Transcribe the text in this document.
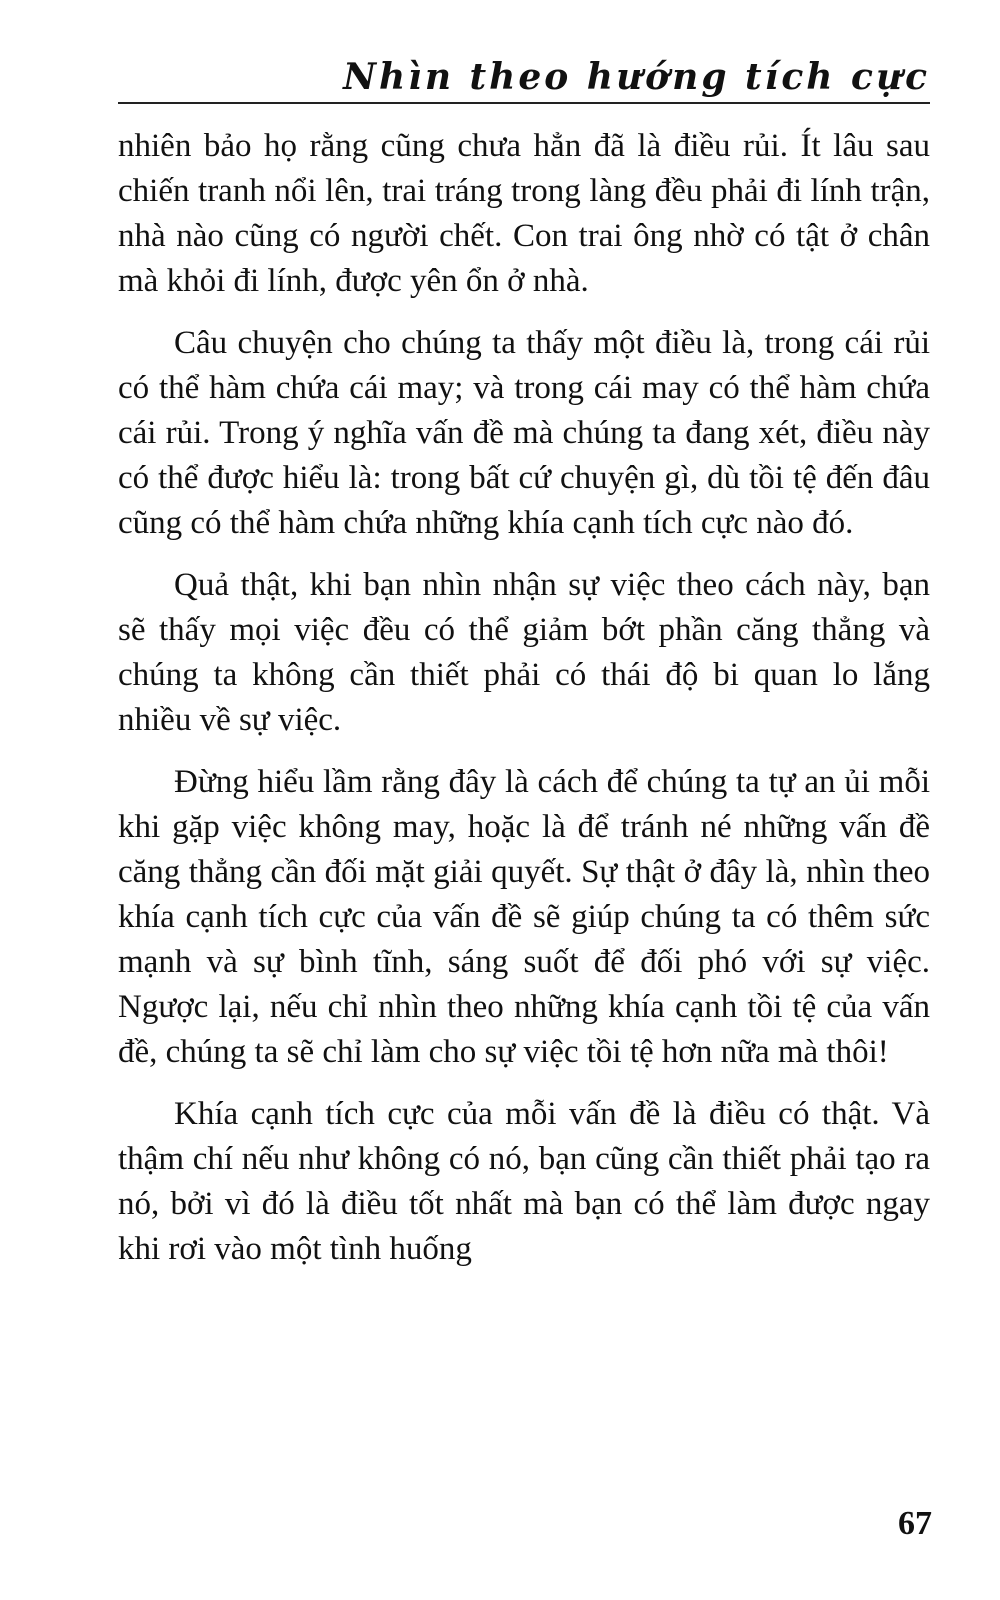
Nhìn theo hướng tích cực

nhiên bảo họ rằng cũng chưa hẳn đã là điều rủi. Ít lâu sau chiến tranh nổi lên, trai tráng trong làng đều phải đi lính trận, nhà nào cũng có người chết. Con trai ông nhờ có tật ở chân mà khỏi đi lính, được yên ổn ở nhà.

Câu chuyện cho chúng ta thấy một điều là, trong cái rủi có thể hàm chứa cái may; và trong cái may có thể hàm chứa cái rủi. Trong ý nghĩa vấn đề mà chúng ta đang xét, điều này có thể được hiểu là: trong bất cứ chuyện gì, dù tồi tệ đến đâu cũng có thể hàm chứa những khía cạnh tích cực nào đó.

Quả thật, khi bạn nhìn nhận sự việc theo cách này, bạn sẽ thấy mọi việc đều có thể giảm bớt phần căng thẳng và chúng ta không cần thiết phải có thái độ bi quan lo lắng nhiều về sự việc.

Đừng hiểu lầm rằng đây là cách để chúng ta tự an ủi mỗi khi gặp việc không may, hoặc là để tránh né những vấn đề căng thẳng cần đối mặt giải quyết. Sự thật ở đây là, nhìn theo khía cạnh tích cực của vấn đề sẽ giúp chúng ta có thêm sức mạnh và sự bình tĩnh, sáng suốt để đối phó với sự việc. Ngược lại, nếu chỉ nhìn theo những khía cạnh tồi tệ của vấn đề, chúng ta sẽ chỉ làm cho sự việc tồi tệ hơn nữa mà thôi!

Khía cạnh tích cực của mỗi vấn đề là điều có thật. Và thậm chí nếu như không có nó, bạn cũng cần thiết phải tạo ra nó, bởi vì đó là điều tốt nhất mà bạn có thể làm được ngay khi rơi vào một tình huống

67
